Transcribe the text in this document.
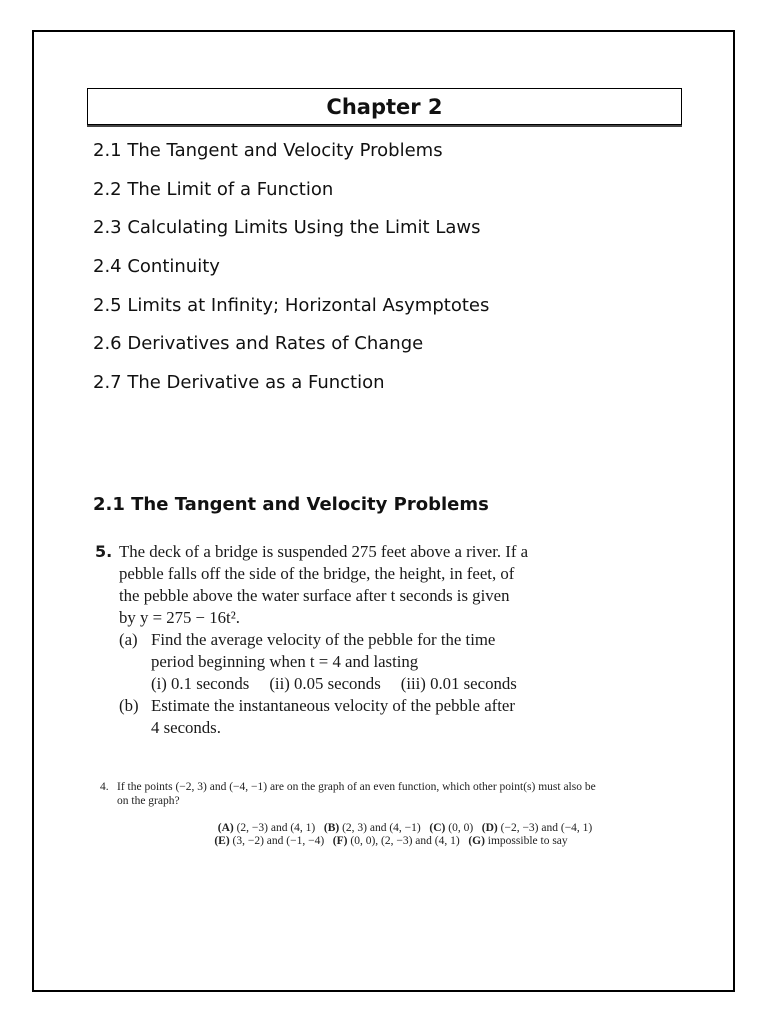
Chapter 2
2.1 The Tangent and Velocity Problems
2.2 The Limit of a Function
2.3 Calculating Limits Using the Limit Laws
2.4 Continuity
2.5 Limits at Infinity; Horizontal Asymptotes
2.6 Derivatives and Rates of Change
2.7 The Derivative as a Function
2.1 The Tangent and Velocity Problems
5. The deck of a bridge is suspended 275 feet above a river. If a
pebble falls off the side of the bridge, the height, in feet, of
the pebble above the water surface after t seconds is given
by y = 275 − 16t².
(a) Find the average velocity of the pebble for the time
period beginning when t = 4 and lasting
(i) 0.1 seconds (ii) 0.05 seconds (iii) 0.01 seconds
(b) Estimate the instantaneous velocity of the pebble after
4 seconds.
4. If the points (−2, 3) and (−4, −1) are on the graph of an even function, which other point(s) must also be
on the graph?
(A) (2, −3) and (4, 1) (B) (2, 3) and (4, −1) (C) (0, 0) (D) (−2, −3) and (−4, 1)
(E) (3, −2) and (−1, −4) (F) (0, 0), (2, −3) and (4, 1) (G) impossible to say
